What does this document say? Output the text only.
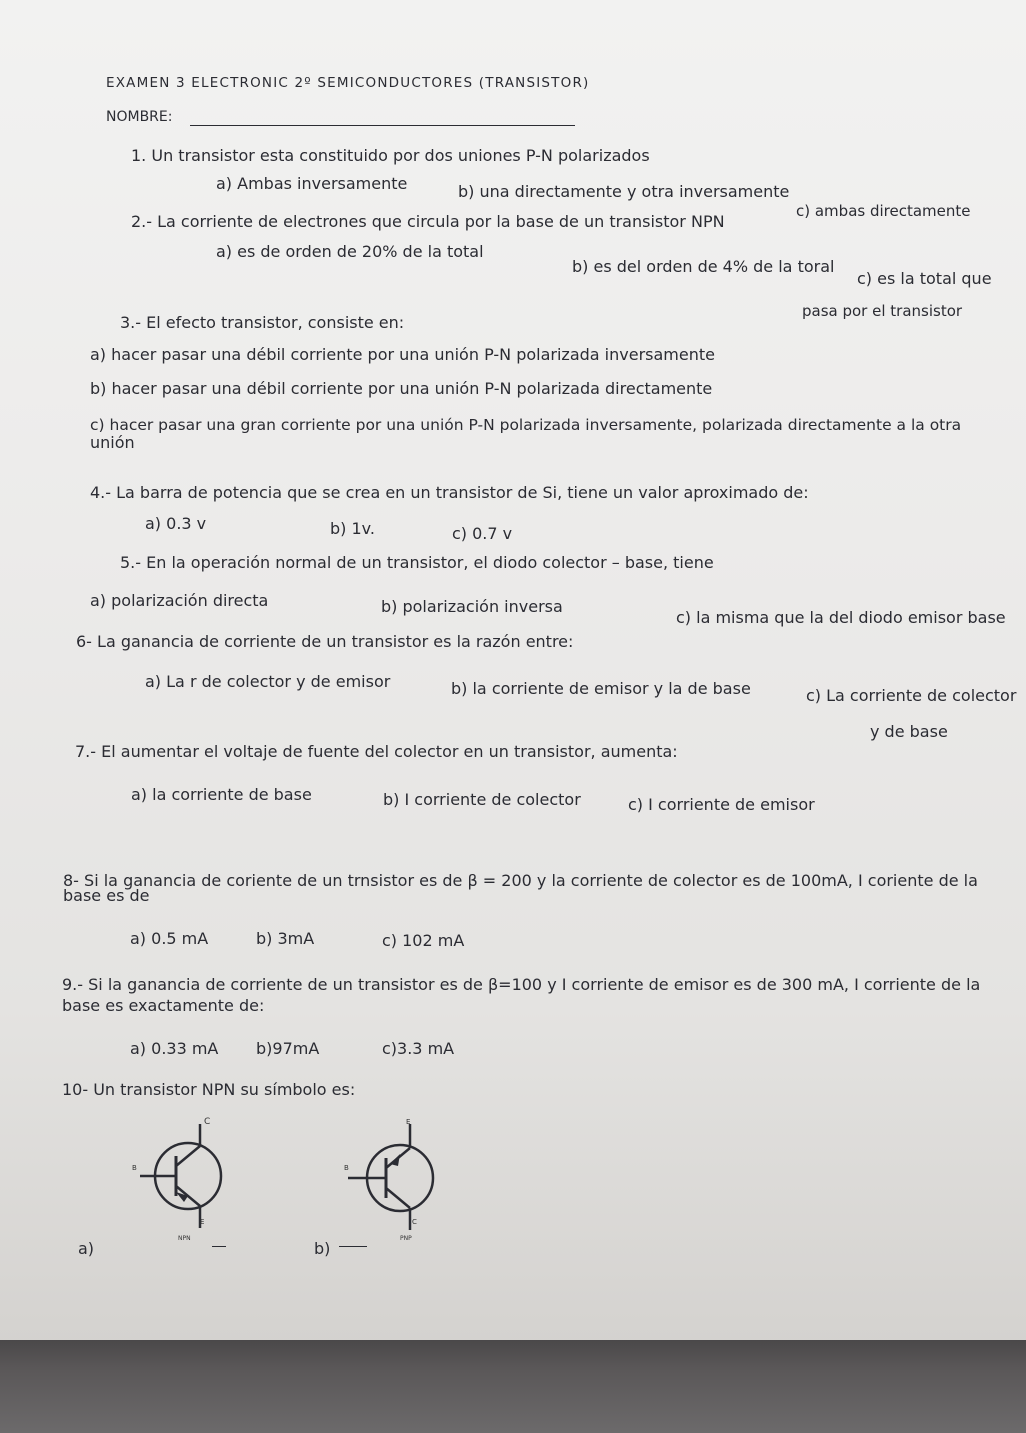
EXAMEN 3 ELECTRONIC 2º SEMICONDUCTORES (TRANSISTOR)
NOMBRE:
1. Un transistor esta constituido por dos uniones P-N polarizados
a) Ambas inversamente	b) una directamente y otra inversamente
c) ambas directamente
2.- La corriente de electrones que circula por la base de un transistor NPN
a) es de orden de 20% de la total
b) es del orden de 4% de la toral
c) es la total que
pasa por el transistor
3.- El efecto transistor, consiste en:
a) hacer pasar una débil corriente por una unión P-N polarizada inversamente
b) hacer pasar una débil corriente por una unión P-N polarizada directamente
c) hacer pasar una gran corriente por una unión P-N polarizada inversamente, polarizada directamente a la otra
unión
4.- La barra de potencia que se crea en un transistor de Si, tiene un valor aproximado de:
a) 0.3 v	b) 1v.	c) 0.7 v
5.- En la operación normal de un transistor, el diodo colector – base, tiene
a) polarización directa	b) polarización inversa
c) la misma que la del diodo emisor base
6- La ganancia de corriente de un transistor es la razón entre:
a) La r de colector y de emisor	b) la corriente de emisor y la de base	c) La corriente de colector
y de base
7.- El aumentar el voltaje de fuente del colector en un transistor, aumenta:
a) la corriente de base	b) I corriente de colector	c) I corriente de emisor
8- Si la ganancia de coriente de un trnsistor es de β = 200 y la corriente de colector es de 100mA, I coriente de la
base es de
a) 0.5 mA	b) 3mA	c) 102 mA
9.- Si la ganancia de corriente de un transistor es de β=100 y I corriente de emisor es de 300 mA, I corriente de la
base es exactamente de:
a) 0.33 mA b)97mA	c)3.3 mA
10- Un transistor NPN su símbolo es:
a)	b)
C
B
E
NPN
E
B
C
PNP
